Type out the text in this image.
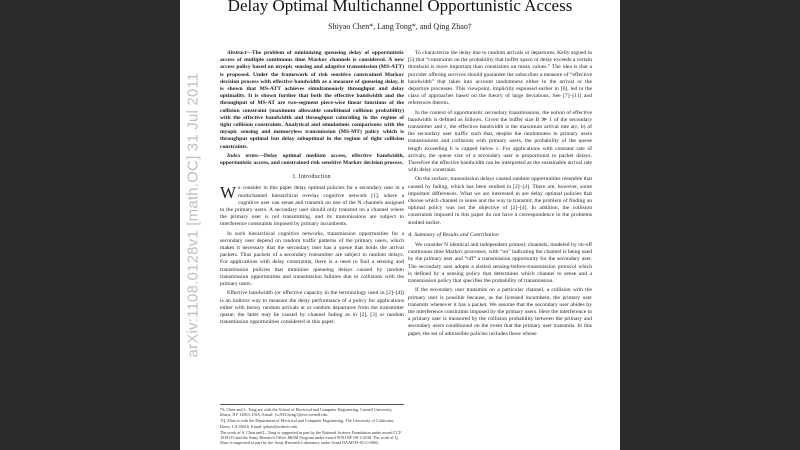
Delay Optimal Multichannel Opportunistic Access
Shiyao Chen*, Lang Tong*, and Qing Zhao†
arXiv:1108.0128v1 [math.OC] 31 Jul 2011

Abstract—The problem of minimizing queueing delay of opportunistic access of multiple continuous time Markov channels is considered. A new access policy based on myopic sensing and adaptive transmission (MS-ATT) is proposed. Under the framework of risk sensitive constrained Markov decision process with effective bandwidth as a measure of queueing delay, it is shown that MS-ATT achieves simultaneously throughput and delay optimality. It is shown further that both the effective bandwidth and the throughput of MS-AT are two-segment piece-wise linear functions of the collision constraint (maximum allowable conditional collision probability) with the effective bandwidth and throughput coinciding in the regime of tight collision constraints. Analytical and simulations comparisons with the myopic sensing and memoryless transmission (MS-MT) policy which is throughput optimal but delay suboptimal in the regime of tight collision constraints.

Index terms—Delay optimal medium access, effective bandwidth, opportunistic access, and constrained risk sensitive Markov decision process.

I. Introduction

We consider in this paper delay optimal policies for a secondary user in a multichannel hierarchical overlay cognitive network [1], where a cognitive user can sense and transmit on one of the N channels assigned to the primary users. A secondary user should only transmit on a channel where the primary user is not transmitting, and its transmissions are subject to interference constraints imposed by primary incumbents.

In such hierarchical cognitive networks, transmission opportunities for a secondary user depend on random traffic patterns of the primary users, which makes it necessary that the secondary user has a queue that holds the arrival packets. Thus packets of a secondary transmitter are subject to random delays. For applications with delay constraints, there is a need to find a sensing and transmission policies that minimize queueing delays caused by random transmission opportunities and transmission failures due to collisions with the primary users.

Effective bandwidth (or effective capacity in the terminology used in [2]–[4]) is an indirect way to measure the delay performance of a policy for applications either with bursty random arrivals at or random departures from the transmitter queue; the latter may be caused by channel fading as in [2], [3] or random transmission opportunities considered in this paper.

To characterize the delay due to random arrivals or departures, Kelly argued in [5] that “constraints on the probability that buffer space or delay exceeds a certain threshold is more important than constraints on mean values.” The idea is that a provider offering services should guarantee the subscriber a measure of “effective bandwidth” that takes into account randomness either in the arrival or the departure processes. This viewpoint, implicitly espoused earlier in [6], led to the class of approaches based on the theory of large deviations. See [7]–[11] and references therein.

In the context of opportunistic secondary transmissions, the notion of effective bandwidth is defined as follows. Given the buffer size B ≫ 1 of the secondary transmitter and ε, the effective bandwidth is the maximum arrival rate a(ε, b) of the secondary user traffic such that, despite the randomness in primary users transmissions and collisions with primary users, the probability of the queue length exceeding b is capped below ε. For applications with constant rate of arrivals, the queue size of a secondary user is proportional to packet delays. Therefore the effective bandwidth can be interpreted as the sustainable arrival rate with delay constraint.

On the surface, transmission delays caused random opportunities resemble that caused by fading, which has been studied in [2]–[4]. There are, however, some important differences. What we are interested in are delay optimal policies that choose which channel to sense and the way to transmit; the problem of finding an optimal policy was not the objective of [2]–[4]. In addition, the collision constraints imposed in this paper do not have a correspondence in the problems studied earlier.

A. Summary of Results and Contribution

We consider N identical and independent primary channels, modeled by on-off continuous time Markov processes, with “on” indicating the channel is being used by the primary user and “off” a transmission opportunity for the secondary user. The secondary user adopts a slotted sensing-before-transmission protocol which is defined by a sensing policy that determines which channel to sense and a transmission policy that specifies the probability of transmission.

If the secondary user transmits on a particular channel, a collision with the primary user is possible because, as the licensed incumbent, the primary user transmits whenever it has a packet. We assume that the secondary user abides by the interference constraints imposed by the primary users. Here the interference to a primary user is measured by the collision probability between the primary and secondary users conditioned on the event that the primary user transmits. In this paper, the set of admissible policies includes those whose

*S. Chen and L. Tong are with the School of Electrical and Computer Engineering, Cornell University, Ithaca, NY 14853, USA. Email: {sc933,ltong}@ece.cornell.edu.
†Q. Zhao is with the Department of Electrical and Computer Engineering, The University of California, Davis, CA 95616. Email: qzhao@ucdavis.edu.
The work of S. Chen and L. Tong is supported in part by the National Science Foundation under award CCF 1018115 and the Army Research Office MURI Program under award W911NF-08-1-0238. The work of Q. Zhao is supported in part by the Army Research Laboratory under Grant DAAD19-01-C-0062.
